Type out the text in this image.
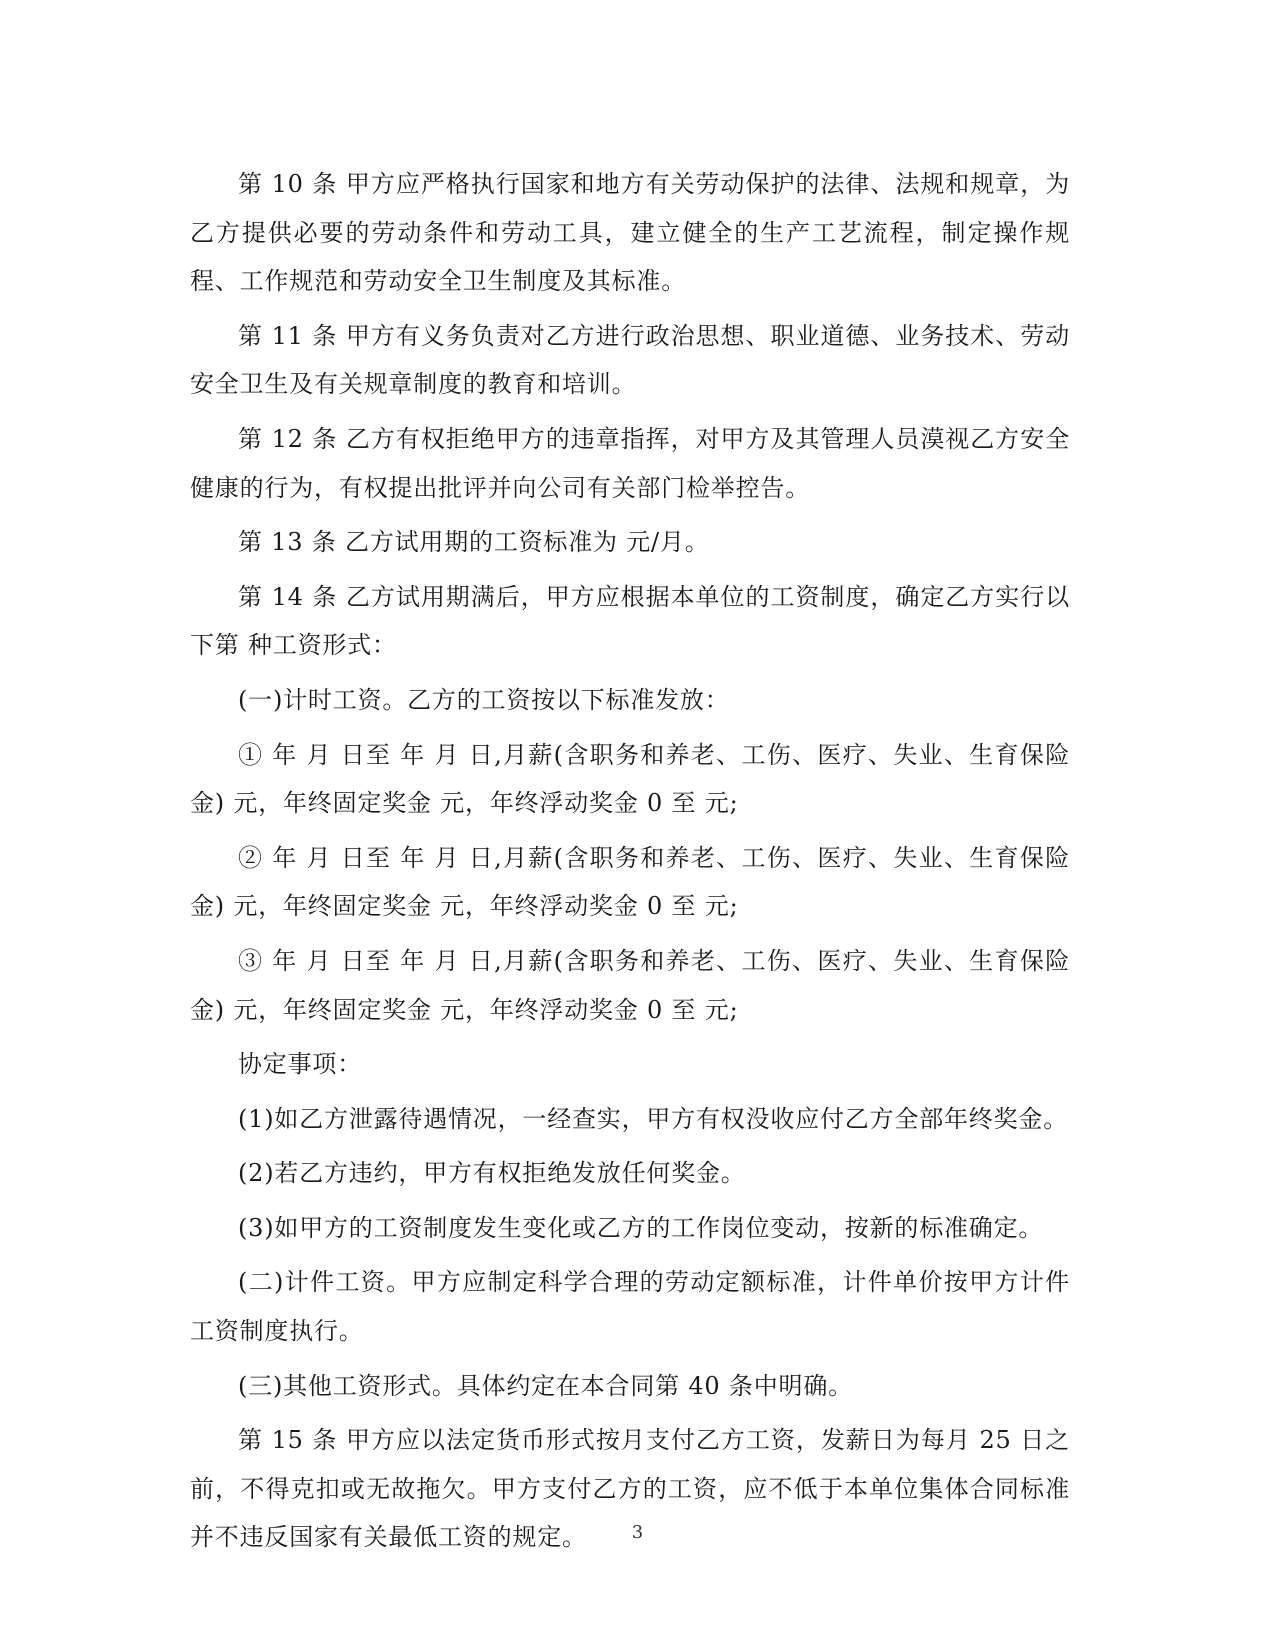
第 10 条 甲方应严格执行国家和地方有关劳动保护的法律、法规和规章，为乙方提供必要的劳动条件和劳动工具，建立健全的生产工艺流程，制定操作规程、工作规范和劳动安全卫生制度及其标准。

第 11 条 甲方有义务负责对乙方进行政治思想、职业道德、业务技术、劳动安全卫生及有关规章制度的教育和培训。

第 12 条 乙方有权拒绝甲方的违章指挥，对甲方及其管理人员漠视乙方安全健康的行为，有权提出批评并向公司有关部门检举控告。

第 13 条 乙方试用期的工资标准为 元/月。

第 14 条 乙方试用期满后，甲方应根据本单位的工资制度，确定乙方实行以下第 种工资形式：

(一)计时工资。乙方的工资按以下标准发放：

① 年 月 日至 年 月 日,月薪(含职务和养老、工伤、医疗、失业、生育保险金) 元，年终固定奖金 元，年终浮动奖金 0 至 元;

② 年 月 日至 年 月 日,月薪(含职务和养老、工伤、医疗、失业、生育保险金) 元，年终固定奖金 元，年终浮动奖金 0 至 元;

③ 年 月 日至 年 月 日,月薪(含职务和养老、工伤、医疗、失业、生育保险金) 元，年终固定奖金 元，年终浮动奖金 0 至 元;

协定事项：

(1)如乙方泄露待遇情况，一经查实，甲方有权没收应付乙方全部年终奖金。

(2)若乙方违约，甲方有权拒绝发放任何奖金。

(3)如甲方的工资制度发生变化或乙方的工作岗位变动，按新的标准确定。

(二)计件工资。甲方应制定科学合理的劳动定额标准，计件单价按甲方计件工资制度执行。

(三)其他工资形式。具体约定在本合同第 40 条中明确。

第 15 条 甲方应以法定货币形式按月支付乙方工资，发薪日为每月 25 日之前，不得克扣或无故拖欠。甲方支付乙方的工资，应不低于本单位集体合同标准并不违反国家有关最低工资的规定。	3
